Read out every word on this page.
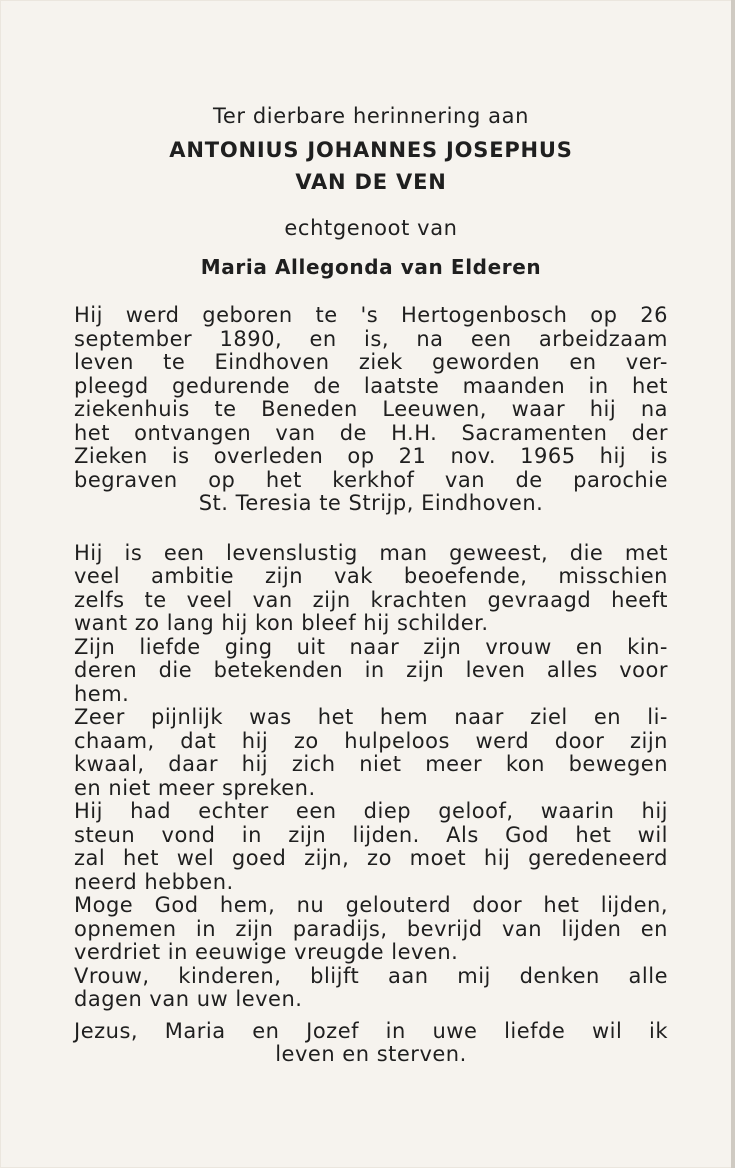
Ter dierbare herinnering aan

ANTONIUS JOHANNES JOSEPHUS

VAN DE VEN

echtgenoot van

Maria Allegonda van Elderen

Hij werd geboren te 's Hertogenbosch op 26
september 1890, en is, na een arbeidzaam
leven te Eindhoven ziek geworden en ver-
pleegd gedurende de laatste maanden in het
ziekenhuis te Beneden Leeuwen, waar hij na
het ontvangen van de H.H. Sacramenten der
Zieken is overleden op 21 nov. 1965 hij is
begraven op het kerkhof van de parochie
St. Teresia te Strijp, Eindhoven.
Hij is een levenslustig man geweest, die met
veel ambitie zijn vak beoefende, misschien
zelfs te veel van zijn krachten gevraagd heeft
want zo lang hij kon bleef hij schilder.
Zijn liefde ging uit naar zijn vrouw en kin-
deren die betekenden in zijn leven alles voor
hem.
Zeer pijnlijk was het hem naar ziel en li-
chaam, dat hij zo hulpeloos werd door zijn
kwaal, daar hij zich niet meer kon bewegen
en niet meer spreken.
Hij had echter een diep geloof, waarin hij
steun vond in zijn lijden. Als God het wil
zal het wel goed zijn, zo moet hij geredeneerd
neerd hebben.
Moge God hem, nu gelouterd door het lijden,
opnemen in zijn paradijs, bevrijd van lijden en
verdriet in eeuwige vreugde leven.
Vrouw, kinderen, blijft aan mij denken alle
dagen van uw leven.
Jezus, Maria en Jozef in uwe liefde wil ik
leven en sterven.
